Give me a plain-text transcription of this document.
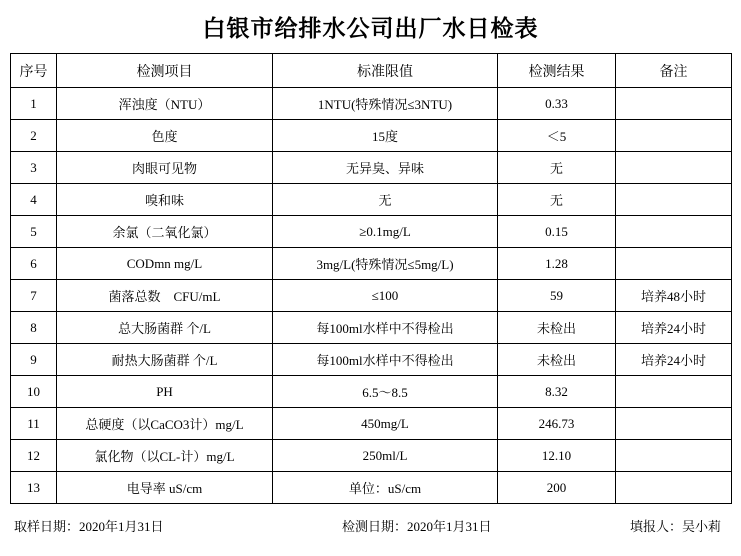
白银市给排水公司出厂水日检表
序号	检测项目	标准限值	检测结果	备注
1	浑浊度（NTU）	1NTU(特殊情况≤3NTU)	0.33	
2	色度	15度	＜5	
3	肉眼可见物	无异臭、异味	无	
4	嗅和味	无	无	
5	余氯（二氧化氯）	≥0.1mg/L	0.15	
6	CODmn mg/L	3mg/L(特殊情况≤5mg/L)	1.28	
7	菌落总数　CFU/mL	≤100	59	培养48小时
8	总大肠菌群 个/L	每100ml水样中不得检出	未检出	培养24小时
9	耐热大肠菌群 个/L	每100ml水样中不得检出	未检出	培养24小时
10	PH	6.5～8.5	8.32	
11	总硬度（以CaCO3计）mg/L	450mg/L	246.73	
12	氯化物（以CL-计）mg/L	250ml/L	12.10	
13	电导率 uS/cm	单位：uS/cm	200	
取样日期：2020年1月31日	检测日期：2020年1月31日	填报人：吴小莉
